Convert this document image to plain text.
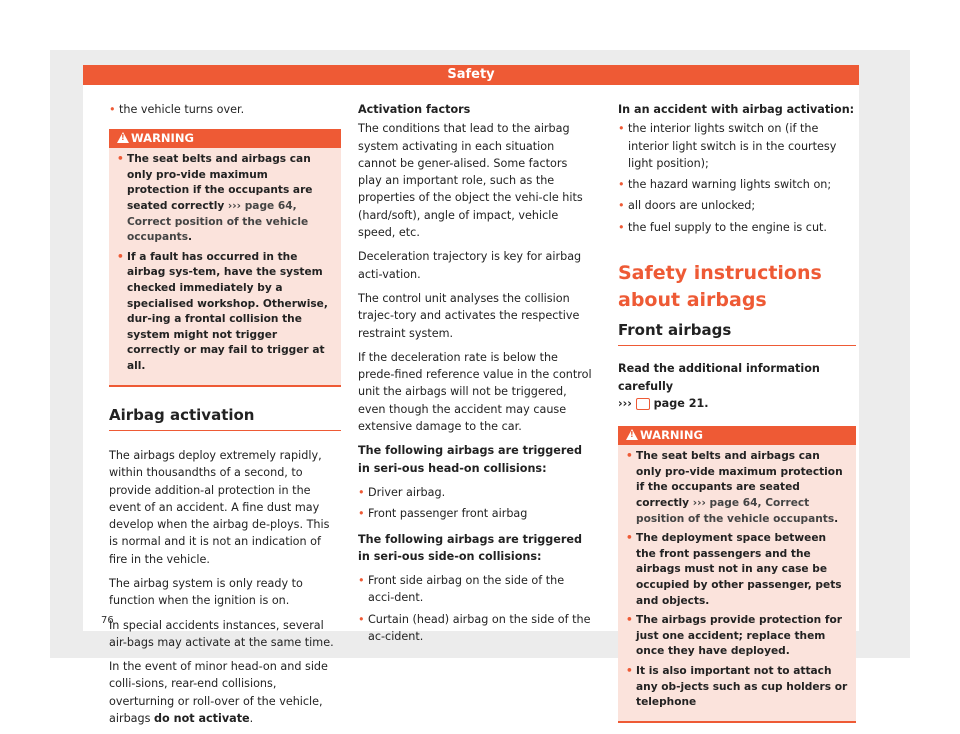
Safety
• the vehicle turns over.
!
WARNING
• The seat belts and airbags can only pro-vide maximum protection if the occupants are seated correctly ››› page 64, Correct position of the vehicle occupants.
• If a fault has occurred in the airbag sys-tem, have the system checked immediately by a specialised workshop. Otherwise, dur-ing a frontal collision the system might not trigger correctly or may fail to trigger at all.
Airbag activation

The airbags deploy extremely rapidly, within thousandths of a second, to provide addition-al protection in the event of an accident. A fine dust may develop when the airbag de-ploys. This is normal and it is not an indication of fire in the vehicle.

The airbag system is only ready to function when the ignition is on.

In special accidents instances, several air-bags may activate at the same time.

In the event of minor head-on and side colli-sions, rear-end collisions, overturning or roll-over of the vehicle, airbags do not activate.

Activation factors

The conditions that lead to the airbag system activating in each situation cannot be gener-alised. Some factors play an important role, such as the properties of the object the vehi-cle hits (hard/soft), angle of impact, vehicle speed, etc.

Deceleration trajectory is key for airbag acti-vation.

The control unit analyses the collision trajec-tory and activates the respective restraint system.

If the deceleration rate is below the prede-fined reference value in the control unit the airbags will not be triggered, even though the accident may cause extensive damage to the car.

The following airbags are triggered in seri-ous head-on collisions:

• Driver airbag.
• Front passenger front airbag

The following airbags are triggered in seri-ous side-on collisions:

• Front side airbag on the side of the acci-dent.
• Curtain (head) airbag on the side of the ac-cident.

In an accident with airbag activation:

• the interior lights switch on (if the interior light switch is in the courtesy light position);
• the hazard warning lights switch on;
• all doors are unlocked;
• the fuel supply to the engine is cut.
Safety instructions about airbags
Front airbags

Read the additional information carefully
››› page 21.

!
WARNING
• The seat belts and airbags can only pro-vide maximum protection if the occupants are seated correctly ››› page 64, Correct position of the vehicle occupants.
• The deployment space between the front passengers and the airbags must not in any case be occupied by other passenger, pets and objects.
• The airbags provide protection for just one accident; replace them once they have deployed.
• It is also important not to attach any ob-jects such as cup holders or telephone
76
